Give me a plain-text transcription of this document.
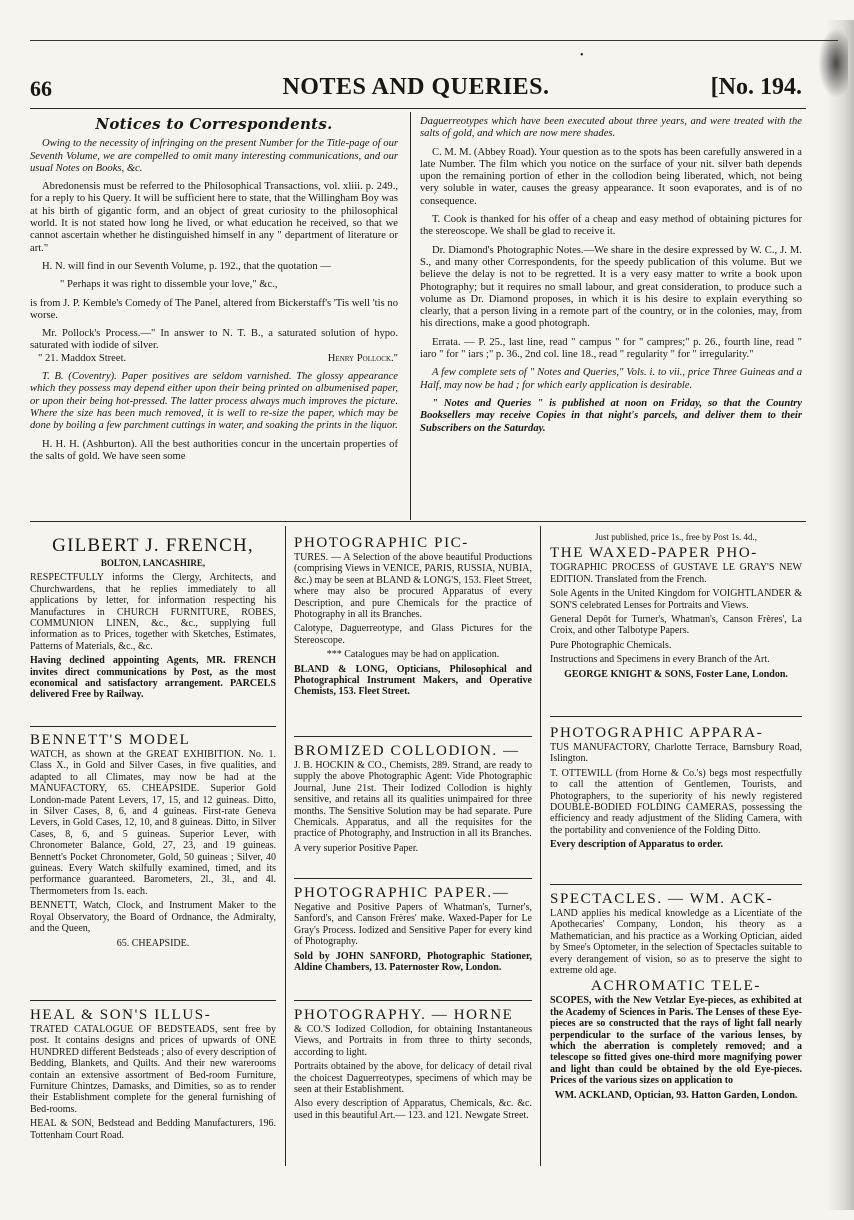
•
66	NOTES AND QUERIES.	[No. 194.
Notices to Correspondents.

Owing to the necessity of infringing on the present Number for the Title-page of our Seventh Volume, we are compelled to omit many interesting communications, and our usual Notes on Books, &c.

Abredonensis must be referred to the Philosophical Transactions, vol. xliii. p. 249., for a reply to his Query. It will be sufficient here to state, that the Willingham Boy was at his birth of gigantic form, and an object of great curiosity to the philosophical world. It is not stated how long he lived, or what education he received, so that we cannot ascertain whether he distinguished himself in any " department of literature or art."

H. N. will find in our Seventh Volume, p. 192., that the quotation —

" Perhaps it was right to dissemble your love," &c.,

is from J. P. Kemble's Comedy of The Panel, altered from Bickerstaff's 'Tis well 'tis no worse.

Mr. Pollock's Process.—" In answer to N. T. B., a saturated solution of hypo. saturated with iodide of silver.

" 21. Maddox Street.	Henry Pollock."

T. B. (Coventry). Paper positives are seldom varnished. The glossy appearance which they possess may depend either upon their being printed on albumenised paper, or upon their being hot-pressed. The latter process always much improves the picture. Where the size has been much removed, it is well to re-size the paper, which may be done by boiling a few parchment cuttings in water, and soaking the prints in the liquor.

H. H. H. (Ashburton). All the best authorities concur in the uncertain properties of the salts of gold. We have seen some

Daguerreotypes which have been executed about three years, and were treated with the salts of gold, and which are now mere shades.

C. M. M. (Abbey Road). Your question as to the spots has been carefully answered in a late Number. The film which you notice on the surface of your nit. silver bath depends upon the remaining portion of ether in the collodion being liberated, which, not being very soluble in water, causes the greasy appearance. It soon evaporates, and is of no consequence.

T. Cook is thanked for his offer of a cheap and easy method of obtaining pictures for the stereoscope. We shall be glad to receive it.

Dr. Diamond's Photographic Notes.—We share in the desire expressed by W. C., J. M. S., and many other Correspondents, for the speedy publication of this volume. But we believe the delay is not to be regretted. It is a very easy matter to write a book upon Photography; but it requires no small labour, and great consideration, to produce such a volume as Dr. Diamond proposes, in which it is his desire to explain everything so clearly, that a person living in a remote part of the country, or in the colonies, may, from his directions, make a good photograph.

Errata. — P. 25., last line, read " campus " for " campres;" p. 26., fourth line, read " iaro " for " iars ;" p. 36., 2nd col. line 18., read " regularity " for " irregularity."

A few complete sets of " Notes and Queries," Vols. i. to vii., price Three Guineas and a Half, may now be had ; for which early application is desirable.

" Notes and Queries " is published at noon on Friday, so that the Country Booksellers may receive Copies in that night's parcels, and deliver them to their Subscribers on the Saturday.

GILBERT J. FRENCH,

BOLTON, LANCASHIRE,

RESPECTFULLY informs the Clergy, Architects, and Churchwardens, that he replies immediately to all applications by letter, for information respecting his Manufactures in CHURCH FURNITURE, ROBES, COMMUNION LINEN, &c., &c., supplying full information as to Prices, together with Sketches, Estimates, Patterns of Materials, &c., &c.

Having declined appointing Agents, MR. FRENCH invites direct communications by Post, as the most economical and satisfactory arrangement. PARCELS delivered Free by Railway.

BENNETT'S MODEL

WATCH, as shown at the GREAT EXHIBITION. No. 1. Class X., in Gold and Silver Cases, in five qualities, and adapted to all Climates, may now be had at the MANUFACTORY, 65. CHEAPSIDE. Superior Gold London-made Patent Levers, 17, 15, and 12 guineas. Ditto, in Silver Cases, 8, 6, and 4 guineas. First-rate Geneva Levers, in Gold Cases, 12, 10, and 8 guineas. Ditto, in Silver Cases, 8, 6, and 5 guineas. Superior Lever, with Chronometer Balance, Gold, 27, 23, and 19 guineas. Bennett's Pocket Chronometer, Gold, 50 guineas ; Silver, 40 guineas. Every Watch skilfully examined, timed, and its performance guaranteed. Barometers, 2l., 3l., and 4l. Thermometers from 1s. each.

BENNETT, Watch, Clock, and Instrument Maker to the Royal Observatory, the Board of Ordnance, the Admiralty, and the Queen,

65. CHEAPSIDE.

HEAL & SON'S ILLUS-

TRATED CATALOGUE OF BEDSTEADS, sent free by post. It contains designs and prices of upwards of ONE HUNDRED different Bedsteads ; also of every description of Bedding, Blankets, and Quilts. And their new warerooms contain an extensive assortment of Bed-room Furniture, Furniture Chintzes, Damasks, and Dimities, so as to render their Establishment complete for the general furnishing of Bed-rooms.

HEAL & SON, Bedstead and Bedding Manufacturers, 196. Tottenham Court Road.

PHOTOGRAPHIC PIC-

TURES. — A Selection of the above beautiful Productions (comprising Views in VENICE, PARIS, RUSSIA, NUBIA, &c.) may be seen at BLAND & LONG'S, 153. Fleet Street, where may also be procured Apparatus of every Description, and pure Chemicals for the practice of Photography in all its Branches.

Calotype, Daguerreotype, and Glass Pictures for the Stereoscope.

*** Catalogues may be had on application.

BLAND & LONG, Opticians, Philosophical and Photographical Instrument Makers, and Operative Chemists, 153. Fleet Street.

BROMIZED COLLODION. —

J. B. HOCKIN & CO., Chemists, 289. Strand, are ready to supply the above Photographic Agent: Vide Photographic Journal, June 21st. Their Iodized Collodion is highly sensitive, and retains all its qualities unimpaired for three months. The Sensitive Solution may be had separate. Pure Chemicals. Apparatus, and all the requisites for the practice of Photography, and Instruction in all its Branches.

A very superior Positive Paper.

PHOTOGRAPHIC PAPER.—

Negative and Positive Papers of Whatman's, Turner's, Sanford's, and Canson Frères' make. Waxed-Paper for Le Gray's Process. Iodized and Sensitive Paper for every kind of Photography.

Sold by JOHN SANFORD, Photographic Stationer, Aldine Chambers, 13. Paternoster Row, London.

PHOTOGRAPHY. — HORNE

& CO.'S Iodized Collodion, for obtaining Instantaneous Views, and Portraits in from three to thirty seconds, according to light.

Portraits obtained by the above, for delicacy of detail rival the choicest Daguerreotypes, specimens of which may be seen at their Establishment.

Also every description of Apparatus, Chemicals, &c. &c. used in this beautiful Art.— 123. and 121. Newgate Street.

Just published, price 1s., free by Post 1s. 4d.,

THE WAXED-PAPER PHO-

TOGRAPHIC PROCESS of GUSTAVE LE GRAY'S NEW EDITION. Translated from the French.

Sole Agents in the United Kingdom for VOIGHTLANDER & SON'S celebrated Lenses for Portraits and Views.

General Depôt for Turner's, Whatman's, Canson Frères', La Croix, and other Talbotype Papers.

Pure Photographic Chemicals.

Instructions and Specimens in every Branch of the Art.

GEORGE KNIGHT & SONS, Foster Lane, London.

PHOTOGRAPHIC APPARA-

TUS MANUFACTORY, Charlotte Terrace, Barnsbury Road, Islington.

T. OTTEWILL (from Horne & Co.'s) begs most respectfully to call the attention of Gentlemen, Tourists, and Photographers, to the superiority of his newly registered DOUBLE-BODIED FOLDING CAMERAS, possessing the efficiency and ready adjustment of the Sliding Camera, with the portability and convenience of the Folding Ditto.

Every description of Apparatus to order.

SPECTACLES. — WM. ACK-

LAND applies his medical knowledge as a Licentiate of the Apothecaries' Company, London, his theory as a Mathematician, and his practice as a Working Optician, aided by Smee's Optometer, in the selection of Spectacles suitable to every derangement of vision, so as to preserve the sight to extreme old age.

ACHROMATIC TELE-

SCOPES, with the New Vetzlar Eye-pieces, as exhibited at the Academy of Sciences in Paris. The Lenses of these Eye-pieces are so constructed that the rays of light fall nearly perpendicular to the surface of the various lenses, by which the aberration is completely removed; and a telescope so fitted gives one-third more magnifying power and light than could be obtained by the old Eye-pieces. Prices of the various sizes on application to

WM. ACKLAND, Optician, 93. Hatton Garden, London.
